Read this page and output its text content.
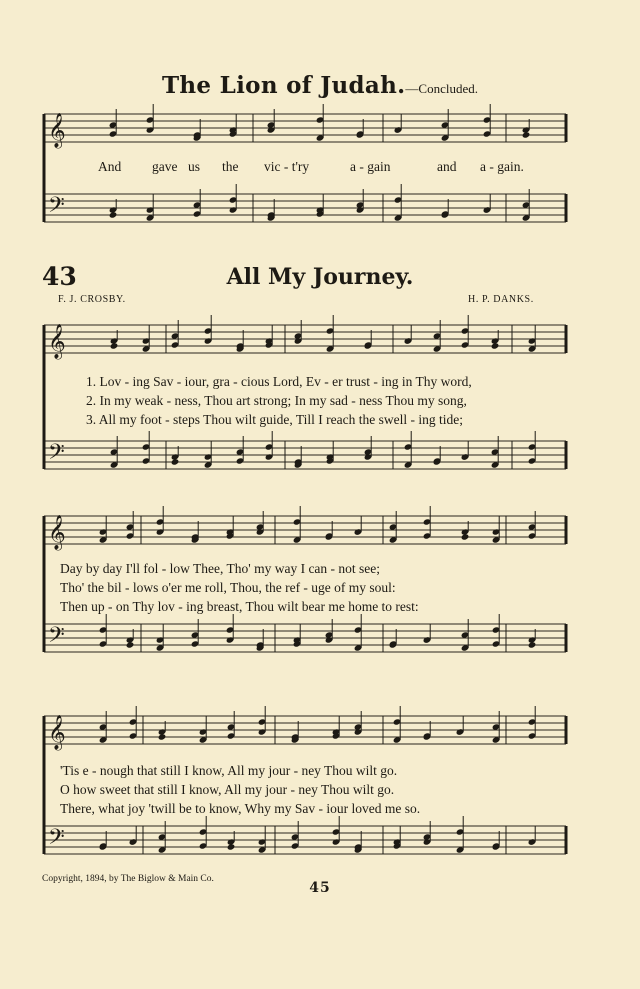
𝄞
𝄢
𝄞
𝄢
𝄞
𝄢
𝄞
𝄢
The Lion of Judah.—Concluded.
And gave us the vic - t'ry	a - gain	and a - gain.
43	All My Journey.
F. J. CROSBY.	H. P. DANKS.
1. Lov - ing Sav - iour, gra - cious Lord, Ev - er trust - ing in Thy word,
2. In my weak - ness, Thou art strong; In my sad - ness Thou my song,
3. All my foot - steps Thou wilt guide, Till I reach the swell - ing tide;
Day by day I'll fol - low Thee, Tho' my way I can - not see;
Tho' the bil - lows o'er me roll, Thou, the ref - uge of my soul:
Then up - on Thy lov - ing breast, Thou wilt bear me home to rest:
'Tis e - nough that still I know, All my jour - ney Thou wilt go.
O how sweet that still I know, All my jour - ney Thou wilt go.
There, what joy 'twill be to know, Why my Sav - iour loved me so.
Copyright, 1894, by The Biglow & Main Co.
45
